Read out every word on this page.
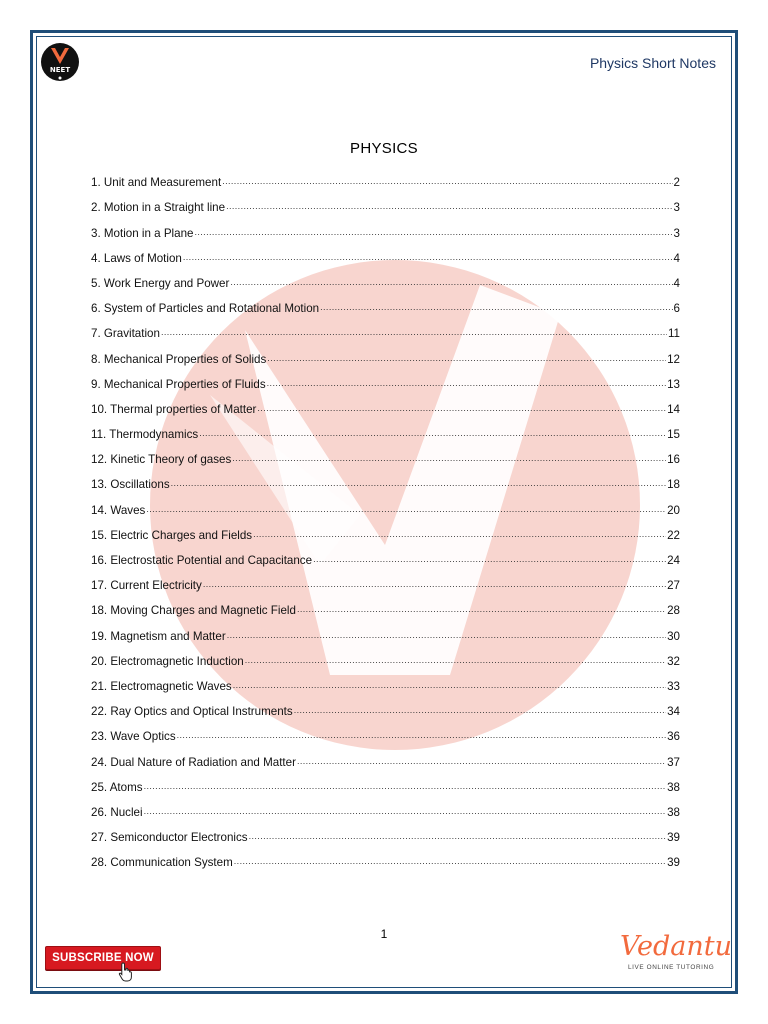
NEET	Physics Short Notes
PHYSICS
1. Unit and Measurement .....	2
2. Motion in a Straight line .....	3
3. Motion in a Plane .....	3
4. Laws of Motion .....	4
5. Work Energy and Power .....	4
6. System of Particles and Rotational Motion .....	6
7. Gravitation .....	11
8. Mechanical Properties of Solids .....	12
9. Mechanical Properties of Fluids .....	13
10. Thermal properties of Matter .....	14
11. Thermodynamics .....	15
12. Kinetic Theory of gases .....	16
13. Oscillations .....	18
14. Waves .....	20
15. Electric Charges and Fields .....	22
16. Electrostatic Potential and Capacitance .....	24
17. Current Electricity .....	27
18. Moving Charges and Magnetic Field .....	28
19. Magnetism and Matter .....	30
20. Electromagnetic Induction .....	32
21. Electromagnetic Waves .....	33
22. Ray Optics and Optical Instruments .....	34
23. Wave Optics .....	36
24. Dual Nature of Radiation and Matter .....	37
25. Atoms .....	38
26. Nuclei .....	38
27. Semiconductor Electronics .....	39
28. Communication System .....	39
1
SUBSCRIBE NOW	Vedantu
LIVE ONLINE TUTORING
